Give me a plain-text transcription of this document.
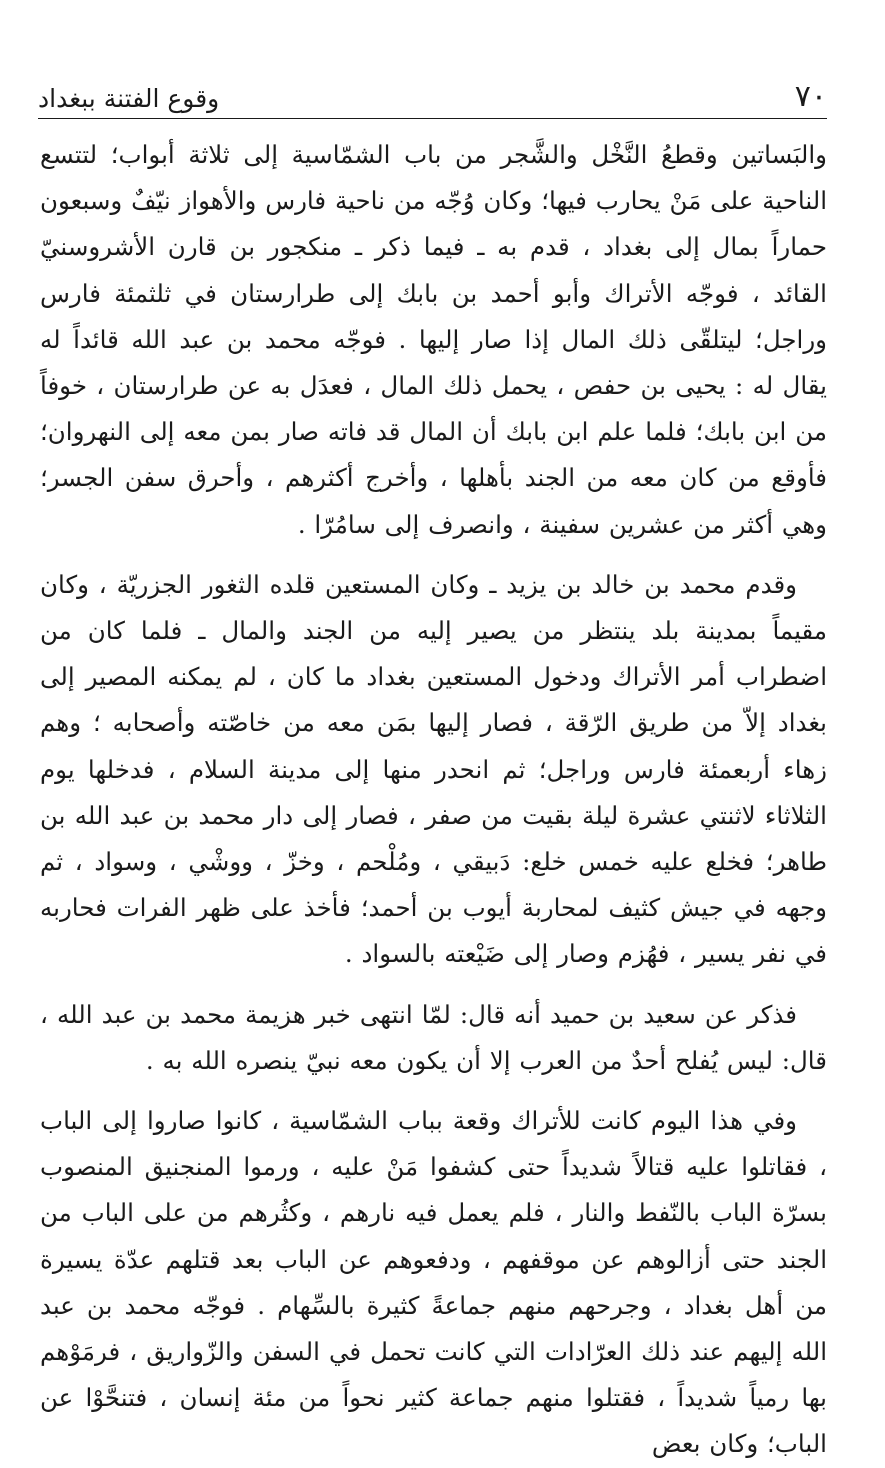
٧٠
وقوع الفتنة ببغداد

والبَساتين وقطعُ النَّخْل والشَّجر من باب الشمّاسية إلى ثلاثة أبواب؛ لتتسع الناحية على مَنْ يحارب فيها؛ وكان وُجّه من ناحية فارس والأهواز نيّفٌ وسبعون حماراً بمال إلى بغداد ، قدم به ـ فيما ذكر ـ منكجور بن قارن الأشروسنيّ القائد ، فوجّه الأتراك وأبو أحمد بن بابك إلى طرارستان في ثلثمئة فارس وراجل؛ ليتلقّى ذلك المال إذا صار إليها . فوجّه محمد بن عبد الله قائداً له يقال له : يحيى بن حفص ، يحمل ذلك المال ، فعدَل به عن طرارستان ، خوفاً من ابن بابك؛ فلما علم ابن بابك أن المال قد فاته صار بمن معه إلى النهروان؛ فأوقع من كان معه من الجند بأهلها ، وأخرج أكثرهم ، وأحرق سفن الجسر؛ وهي أكثر من عشرين سفينة ، وانصرف إلى سامُرّا .

وقدم محمد بن خالد بن يزيد ـ وكان المستعين قلده الثغور الجزريّة ، وكان مقيماً بمدينة بلد ينتظر من يصير إليه من الجند والمال ـ فلما كان من اضطراب أمر الأتراك ودخول المستعين بغداد ما كان ، لم يمكنه المصير إلى بغداد إلاّ من طريق الرّقة ، فصار إليها بمَن معه من خاصّته وأصحابه ؛ وهم زهاء أربعمئة فارس وراجل؛ ثم انحدر منها إلى مدينة السلام ، فدخلها يوم الثلاثاء لاثنتي عشرة ليلة بقيت من صفر ، فصار إلى دار محمد بن عبد الله بن طاهر؛ فخلع عليه خمس خلع: دَبيقي ، ومُلْحم ، وخزّ ، ووشْي ، وسواد ، ثم وجهه في جيش كثيف لمحاربة أيوب بن أحمد؛ فأخذ على ظهر الفرات فحاربه في نفر يسير ، فهُزم وصار إلى ضَيْعته بالسواد .

فذكر عن سعيد بن حميد أنه قال: لمّا انتهى خبر هزيمة محمد بن عبد الله ، قال: ليس يُفلح أحدٌ من العرب إلا أن يكون معه نبيّ ينصره الله به .

وفي هذا اليوم كانت للأتراك وقعة بباب الشمّاسية ، كانوا صاروا إلى الباب ، فقاتلوا عليه قتالاً شديداً حتى كشفوا مَنْ عليه ، ورموا المنجنيق المنصوب بسرّة الباب بالنّفط والنار ، فلم يعمل فيه نارهم ، وكثُرهم من على الباب من الجند حتى أزالوهم عن موقفهم ، ودفعوهم عن الباب بعد قتلهم عدّة يسيرة من أهل بغداد ، وجرحهم منهم جماعةً كثيرة بالسِّهام . فوجّه محمد بن عبد الله إليهم عند ذلك العرّادات التي كانت تحمل في السفن والزّواريق ، فرمَوْهم بها رمياً شديداً ، فقتلوا منهم جماعة كثير نحواً من مئة إنسان ، فتنحَّوْا عن الباب؛ وكان بعض
